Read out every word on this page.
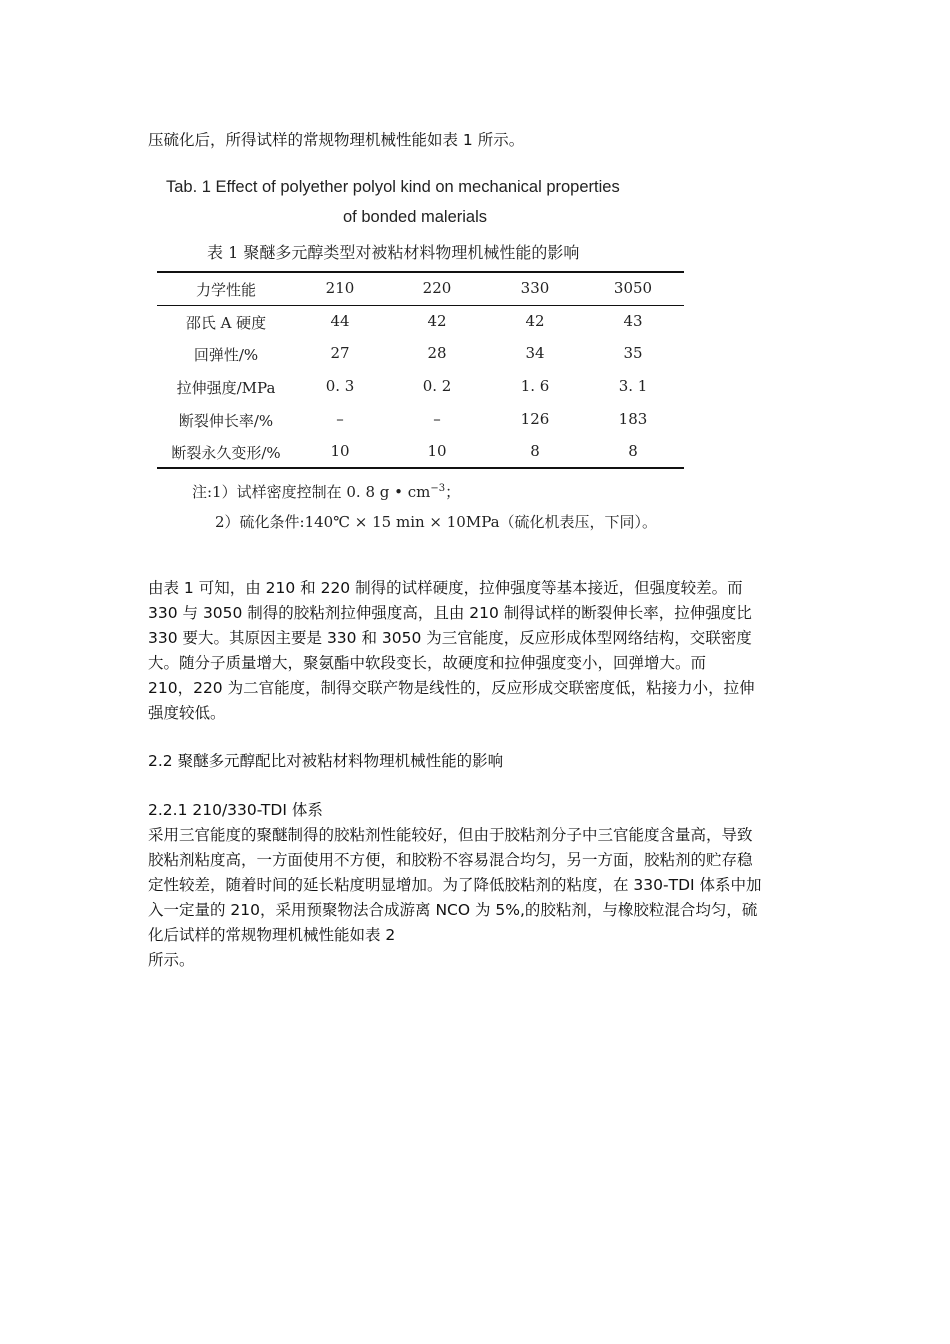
压硫化后，所得试样的常规物理机械性能如表 1 所示。
Tab. 1 Effect of polyether polyol kind on mechanical properties
of bonded malerials
表 1 聚醚多元醇类型对被粘材料物理机械性能的影响
力学性能	210	220	330	3050
邵氏 A 硬度	44	42	42	43
回弹性/%	27	28	34	35
拉伸强度/MPa	0. 3	0. 2	1. 6	3. 1
断裂伸长率/%	–	–	126	183
断裂永久变形/%	10	10	8	8
注:1）试样密度控制在 0. 8 g • $cm^{-3}$；
2）硫化条件:140℃ × 15 min × 10MPa（硫化机表压，下同）。
由表 1 可知，由 210 和 220 制得的试样硬度，拉伸强度等基本接近，但强度较差。而
330 与 3050 制得的胶粘剂拉伸强度高，且由 210 制得试样的断裂伸长率，拉伸强度比
330 要大。其原因主要是 330 和 3050 为三官能度，反应形成体型网络结构，交联密度
大。随分子质量增大，聚氨酯中软段变长，故硬度和拉伸强度变小，回弹增大。而
210，220 为二官能度，制得交联产物是线性的，反应形成交联密度低，粘接力小，拉伸
强度较低。
2.2 聚醚多元醇配比对被粘材料物理机械性能的影响
2.2.1 210/330-TDI 体系
采用三官能度的聚醚制得的胶粘剂性能较好，但由于胶粘剂分子中三官能度含量高，导致
胶粘剂粘度高，一方面使用不方便，和胶粉不容易混合均匀，另一方面，胶粘剂的贮存稳
定性较差，随着时间的延长粘度明显增加。为了降低胶粘剂的粘度，在 330-TDI 体系中加
入一定量的 210，采用预聚物法合成游离 NCO 为 5%,的胶粘剂，与橡胶粒混合均匀，硫
化后试样的常规物理机械性能如表 2
所示。
